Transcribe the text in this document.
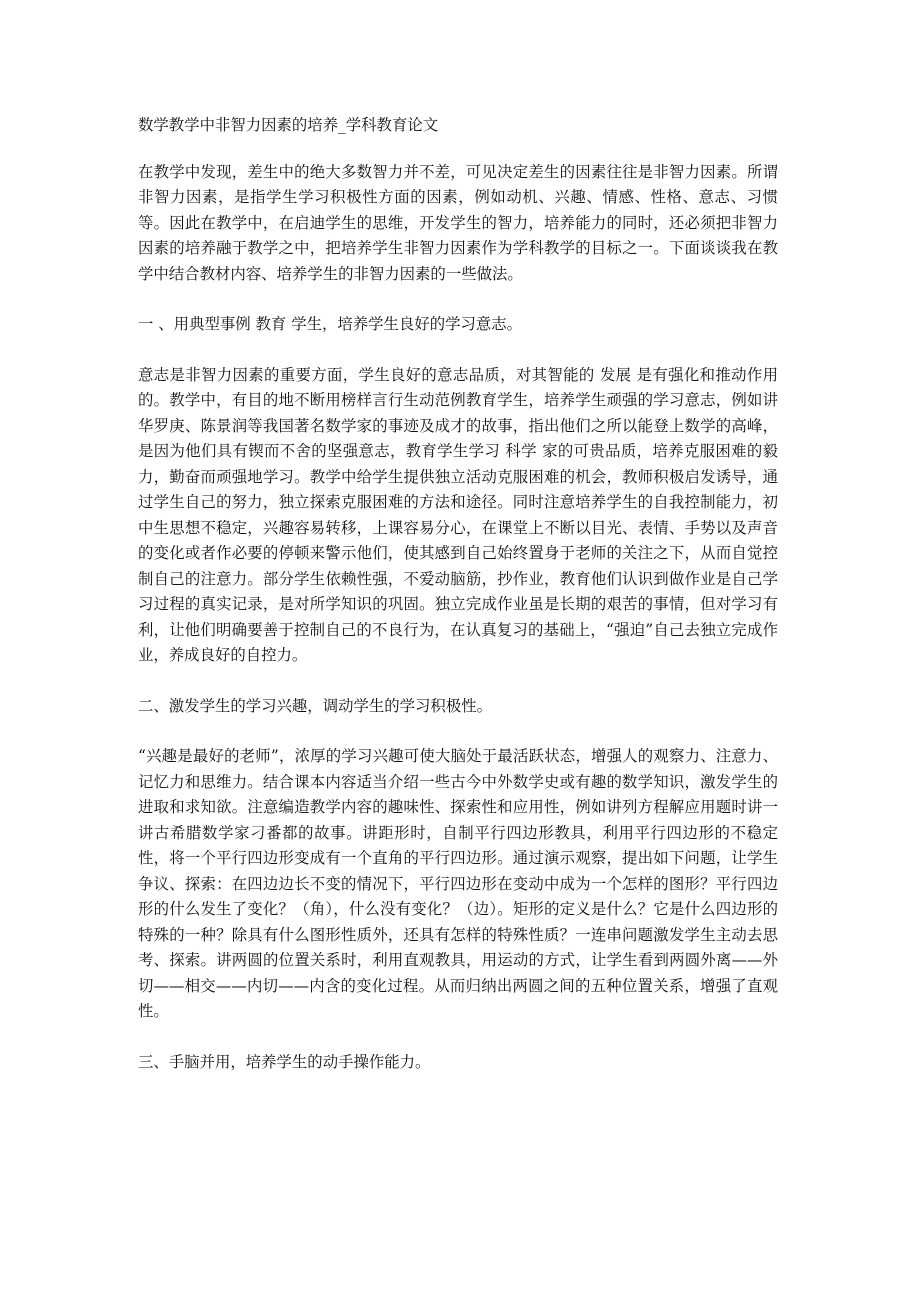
数学教学中非智力因素的培养_学科教育论文

在教学中发现，差生中的绝大多数智力并不差，可见决定差生的因素往往是非智力因素。所谓非智力因素，是指学生学习积极性方面的因素，例如动机、兴趣、情感、性格、意志、习惯等。因此在教学中，在启迪学生的思维，开发学生的智力，培养能力的同时，还必须把非智力因素的培养融于教学之中，把培养学生非智力因素作为学科教学的目标之一。下面谈谈我在教学中结合教材内容、培养学生的非智力因素的一些做法。

一 、用典型事例 教育 学生，培养学生良好的学习意志。

意志是非智力因素的重要方面，学生良好的意志品质，对其智能的 发展 是有强化和推动作用的。教学中，有目的地不断用榜样言行生动范例教育学生，培养学生顽强的学习意志，例如讲华罗庚、陈景润等我国著名数学家的事迹及成才的故事，指出他们之所以能登上数学的高峰，是因为他们具有锲而不舍的坚强意志，教育学生学习 科学 家的可贵品质，培养克服困难的毅力，勤奋而顽强地学习。教学中给学生提供独立活动克服困难的机会，教师积极启发诱导，通过学生自己的努力，独立探索克服困难的方法和途径。同时注意培养学生的自我控制能力，初中生思想不稳定，兴趣容易转移，上课容易分心，在课堂上不断以目光、表情、手势以及声音的变化或者作必要的停顿来警示他们，使其感到自己始终置身于老师的关注之下，从而自觉控制自己的注意力。部分学生依赖性强，不爱动脑筋，抄作业，教育他们认识到做作业是自己学习过程的真实记录，是对所学知识的巩固。独立完成作业虽是长期的艰苦的事情，但对学习有利，让他们明确要善于控制自己的不良行为，在认真复习的基础上，“强迫”自己去独立完成作业，养成良好的自控力。

二、激发学生的学习兴趣，调动学生的学习积极性。

“兴趣是最好的老师”，浓厚的学习兴趣可使大脑处于最活跃状态，增强人的观察力、注意力、记忆力和思维力。结合课本内容适当介绍一些古今中外数学史或有趣的数学知识，激发学生的进取和求知欲。注意编造教学内容的趣味性、探索性和应用性，例如讲列方程解应用题时讲一讲古希腊数学家刁番都的故事。讲距形时，自制平行四边形教具，利用平行四边形的不稳定性，将一个平行四边形变成有一个直角的平行四边形。通过演示观察，提出如下问题，让学生争议、探索：在四边边长不变的情况下，平行四边形在变动中成为一个怎样的图形？平行四边形的什么发生了变化？（角），什么没有变化？（边）。矩形的定义是什么？它是什么四边形的特殊的一种？除具有什么图形性质外，还具有怎样的特殊性质？一连串问题激发学生主动去思考、探索。讲两圆的位置关系时，利用直观教具，用运动的方式，让学生看到两圆外离——外切——相交——内切——内含的变化过程。从而归纳出两圆之间的五种位置关系，增强了直观性。

三、手脑并用，培养学生的动手操作能力。
